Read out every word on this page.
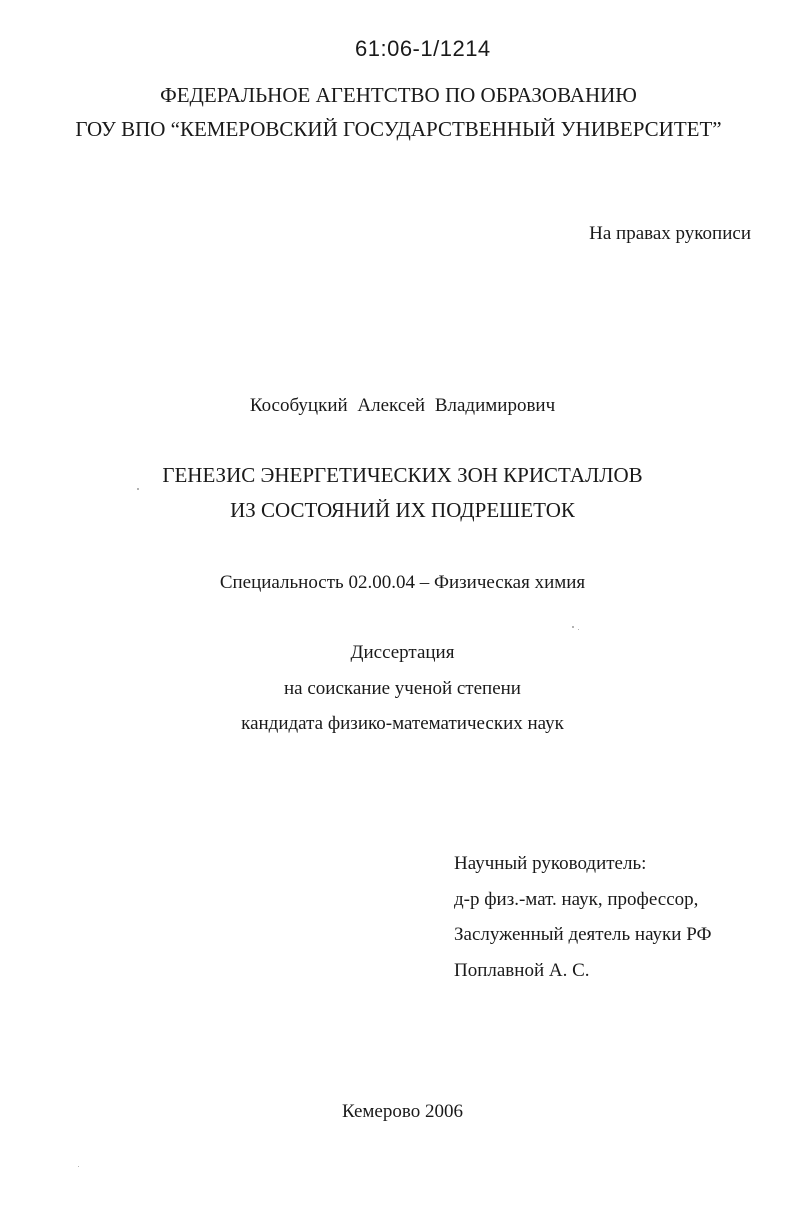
61:06-1/1214
ФЕДЕРАЛЬНОЕ АГЕНТСТВО ПО ОБРАЗОВАНИЮ
ГОУ ВПО “КЕМЕРОВСКИЙ ГОСУДАРСТВЕННЫЙ УНИВЕРСИТЕТ”
На правах рукописи
Кособуцкий Алексей Владимирович
ГЕНЕЗИС ЭНЕРГЕТИЧЕСКИХ ЗОН КРИСТАЛЛОВ
ИЗ СОСТОЯНИЙ ИХ ПОДРЕШЕТОК
Специальность 02.00.04 – Физическая химия
Диссертация
на соискание ученой степени
кандидата физико-математических наук
Научный руководитель:
д-р физ.-мат. наук, профессор,
Заслуженный деятель науки РФ
Поплавной А. С.
Кемерово 2006
